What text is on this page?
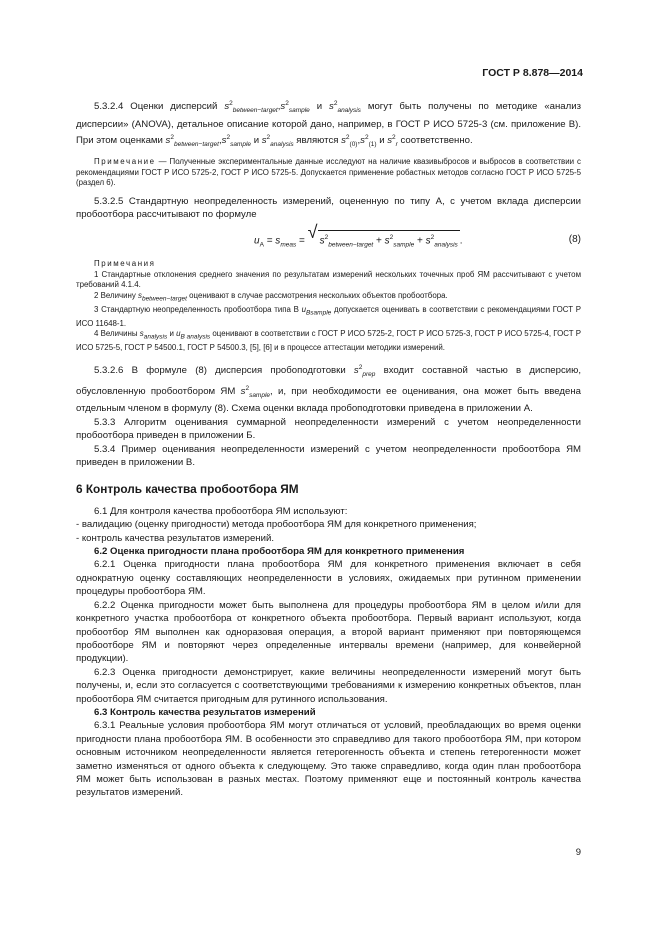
ГОСТ Р 8.878—2014

5.3.2.4 Оценки дисперсий $s^2_{between-target},s^2_{sample}$ и $s^2_{analysis}$ могут быть получены по методике «анализ дисперсии» (ANOVA), детальное описание которой дано, например, в ГОСТ Р ИСО 5725-3 (см. приложение В). При этом оценками $s^2_{between-target},s^2_{sample}$ и $s^2_{analysis}$ являются $s^2_{(0)},s^2_{(1)}$ и $s^2_r$ соответственно.

Примечание — Полученные экспериментальные данные исследуют на наличие квазивыбросов и выбросов в соответствии с рекомендациями ГОСТ Р ИСО 5725-2, ГОСТ Р ИСО 5725-5. Допускается применение робастных методов согласно ГОСТ Р ИСО 5725-5 (раздел 6).

5.3.2.5 Стандартную неопределенность измерений, оцененную по типу А, с учетом вклада дисперсии пробоотбора рассчитывают по формуле

$u_A = s_{meas}$ = √ $s^2_{between-target} + s^2_{sample} + s^2_{analysis}$ .	(8)

Примечания

1 Стандартные отклонения среднего значения по результатам измерений нескольких точечных проб ЯМ рассчитывают с учетом требований 4.1.4.

2 Величину $s_{between-target}$ оценивают в случае рассмотрения нескольких объектов пробоотбора.

3 Стандартную неопределенность пробоотбора типа В $u_{Bsample}$ допускается оценивать в соответствии с рекомендациями ГОСТ Р ИСО 11648-1.

4 Величины $s_{analysis}$ и $u_{B analysis}$ оценивают в соответствии с ГОСТ Р ИСО 5725-2, ГОСТ Р ИСО 5725-3, ГОСТ Р ИСО 5725-4, ГОСТ Р ИСО 5725-5, ГОСТ Р 54500.1, ГОСТ Р 54500.3, [5], [6] и в процессе аттестации методики измерений.

5.3.2.6 В формуле (8) дисперсия пробоподготовки $s^2_{prep}$ входит составной частью в дисперсию, обусловленную пробоотбором ЯМ $s^2_{sample}$, и, при необходимости ее оценивания, она может быть введена отдельным членом в формулу (8). Схема оценки вклада пробоподготовки приведена в приложении А.

5.3.3 Алгоритм оценивания суммарной неопределенности измерений с учетом неопределенности пробоотбора приведен в приложении Б.

5.3.4 Пример оценивания неопределенности измерений с учетом неопределенности пробоотбора ЯМ приведен в приложении В.

6 Контроль качества пробоотбора ЯМ

6.1 Для контроля качества пробоотбора ЯМ используют:

- валидацию (оценку пригодности) метода пробоотбора ЯМ для конкретного применения;

- контроль качества результатов измерений.

6.2 Оценка пригодности плана пробоотбора ЯМ для конкретного применения

6.2.1 Оценка пригодности плана пробоотбора ЯМ для конкретного применения включает в себя однократную оценку составляющих неопределенности в условиях, ожидаемых при рутинном применении процедуры пробоотбора ЯМ.

6.2.2 Оценка пригодности может быть выполнена для процедуры пробоотбора ЯМ в целом и/или для конкретного участка пробоотбора от конкретного объекта пробоотбора. Первый вариант используют, когда пробоотбор ЯМ выполнен как одноразовая операция, а второй вариант применяют при повторяющемся пробоотборе ЯМ и повторяют через определенные интервалы времени (например, для конвейерной продукции).

6.2.3 Оценка пригодности демонстрирует, какие величины неопределенности измерений могут быть получены, и, если это согласуется с соответствующими требованиями к измерению конкретных объектов, план пробоотбора ЯМ считается пригодным для рутинного использования.

6.3 Контроль качества результатов измерений

6.3.1 Реальные условия пробоотбора ЯМ могут отличаться от условий, преобладающих во время оценки пригодности плана пробоотбора ЯМ. В особенности это справедливо для такого пробоотбора ЯМ, при котором основным источником неопределенности является гетерогенность объекта и степень гетерогенности может заметно изменяться от одного объекта к следующему. Это также справедливо, когда один план пробоотбора ЯМ может быть использован в разных местах. Поэтому применяют еще и постоянный контроль качества результатов измерений.

9
